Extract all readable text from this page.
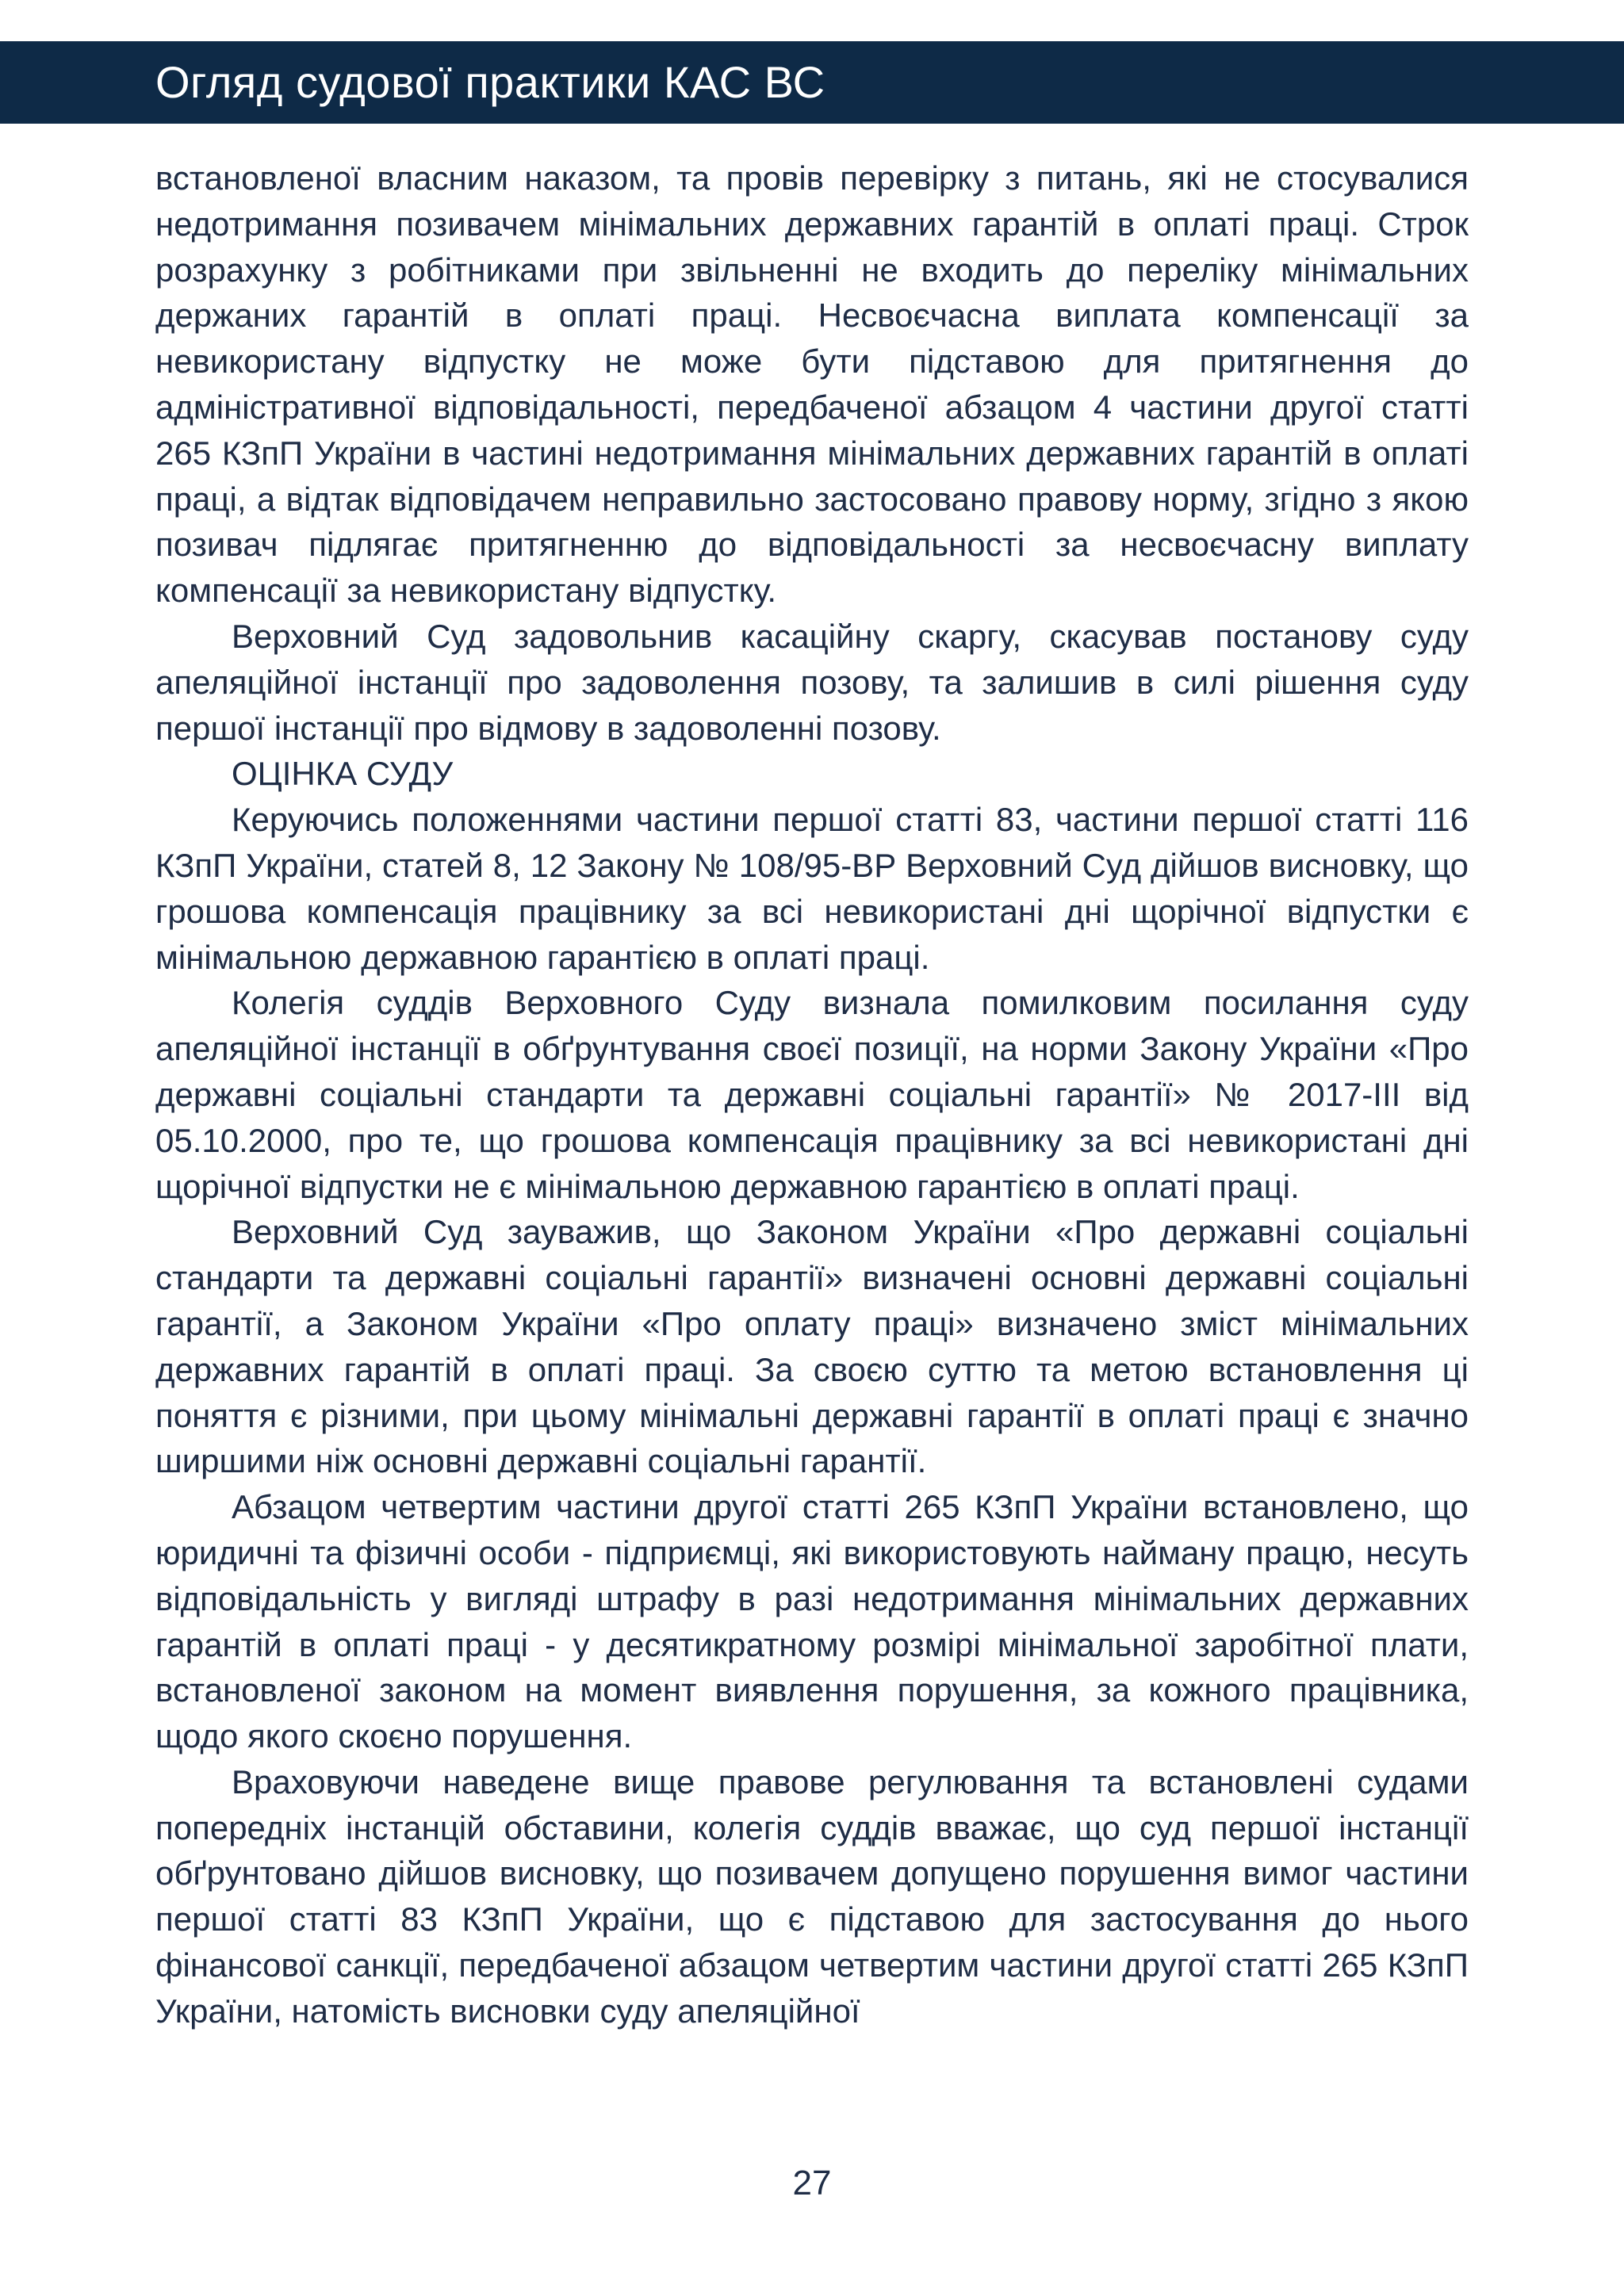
Огляд судової практики КАС ВС

встановленої власним наказом, та провів перевірку з питань, які не стосувалися недотримання позивачем мінімальних державних гарантій в оплаті праці. Строк розрахунку з робітниками при звільненні не входить до переліку мінімальних держаних гарантій в оплаті праці. Несвоєчасна виплата компенсації за невикористану відпустку не може бути підставою для притягнення до адміністративної відповідальності, передбаченої абзацом 4 частини другої статті 265 КЗпП України в частині недотримання мінімальних державних гарантій в оплаті праці, а відтак відповідачем неправильно застосовано правову норму, згідно з якою позивач підлягає притягненню до відповідальності за несвоєчасну виплату компенсації за невикористану відпустку.

Верховний Суд задовольнив касаційну скаргу, скасував постанову суду апеляційної інстанції про задоволення позову, та залишив в силі рішення суду першої інстанції про відмову в задоволенні позову.

ОЦІНКА СУДУ

Керуючись положеннями частини першої статті 83, частини першої статті 116 КЗпП України, статей 8, 12 Закону № 108/95-ВР Верховний Суд дійшов висновку, що грошова компенсація працівнику за всі невикористані дні щорічної відпустки є мінімальною державною гарантією в оплаті праці.

Колегія суддів Верховного Суду визнала помилковим посилання суду апеляційної інстанції в обґрунтування своєї позиції, на норми Закону України «Про державні соціальні стандарти та державні соціальні гарантії» № 2017-ІІІ від 05.10.2000, про те, що грошова компенсація працівнику за всі невикористані дні щорічної відпустки не є мінімальною державною гарантією в оплаті праці.

Верховний Суд зауважив, що Законом України «Про державні соціальні стандарти та державні соціальні гарантії» визначені основні державні соціальні гарантії, а Законом України «Про оплату праці» визначено зміст мінімальних державних гарантій в оплаті праці. За своєю суттю та метою встановлення ці поняття є різними, при цьому мінімальні державні гарантії в оплаті праці є значно ширшими ніж основні державні соціальні гарантії.

Абзацом четвертим частини другої статті 265 КЗпП України встановлено, що юридичні та фізичні особи - підприємці, які використовують найману працю, несуть відповідальність у вигляді штрафу в разі недотримання мінімальних державних гарантій в оплаті праці - у десятикратному розмірі мінімальної заробітної плати, встановленої законом на момент виявлення порушення, за кожного працівника, щодо якого скоєно порушення.

Враховуючи наведене вище правове регулювання та встановлені судами попередніх інстанцій обставини, колегія суддів вважає, що суд першої інстанції обґрунтовано дійшов висновку, що позивачем допущено порушення вимог частини першої статті 83 КЗпП України, що є підставою для застосування до нього фінансової санкції, передбаченої абзацом четвертим частини другої статті 265 КЗпП України, натомість висновки суду апеляційної

27
